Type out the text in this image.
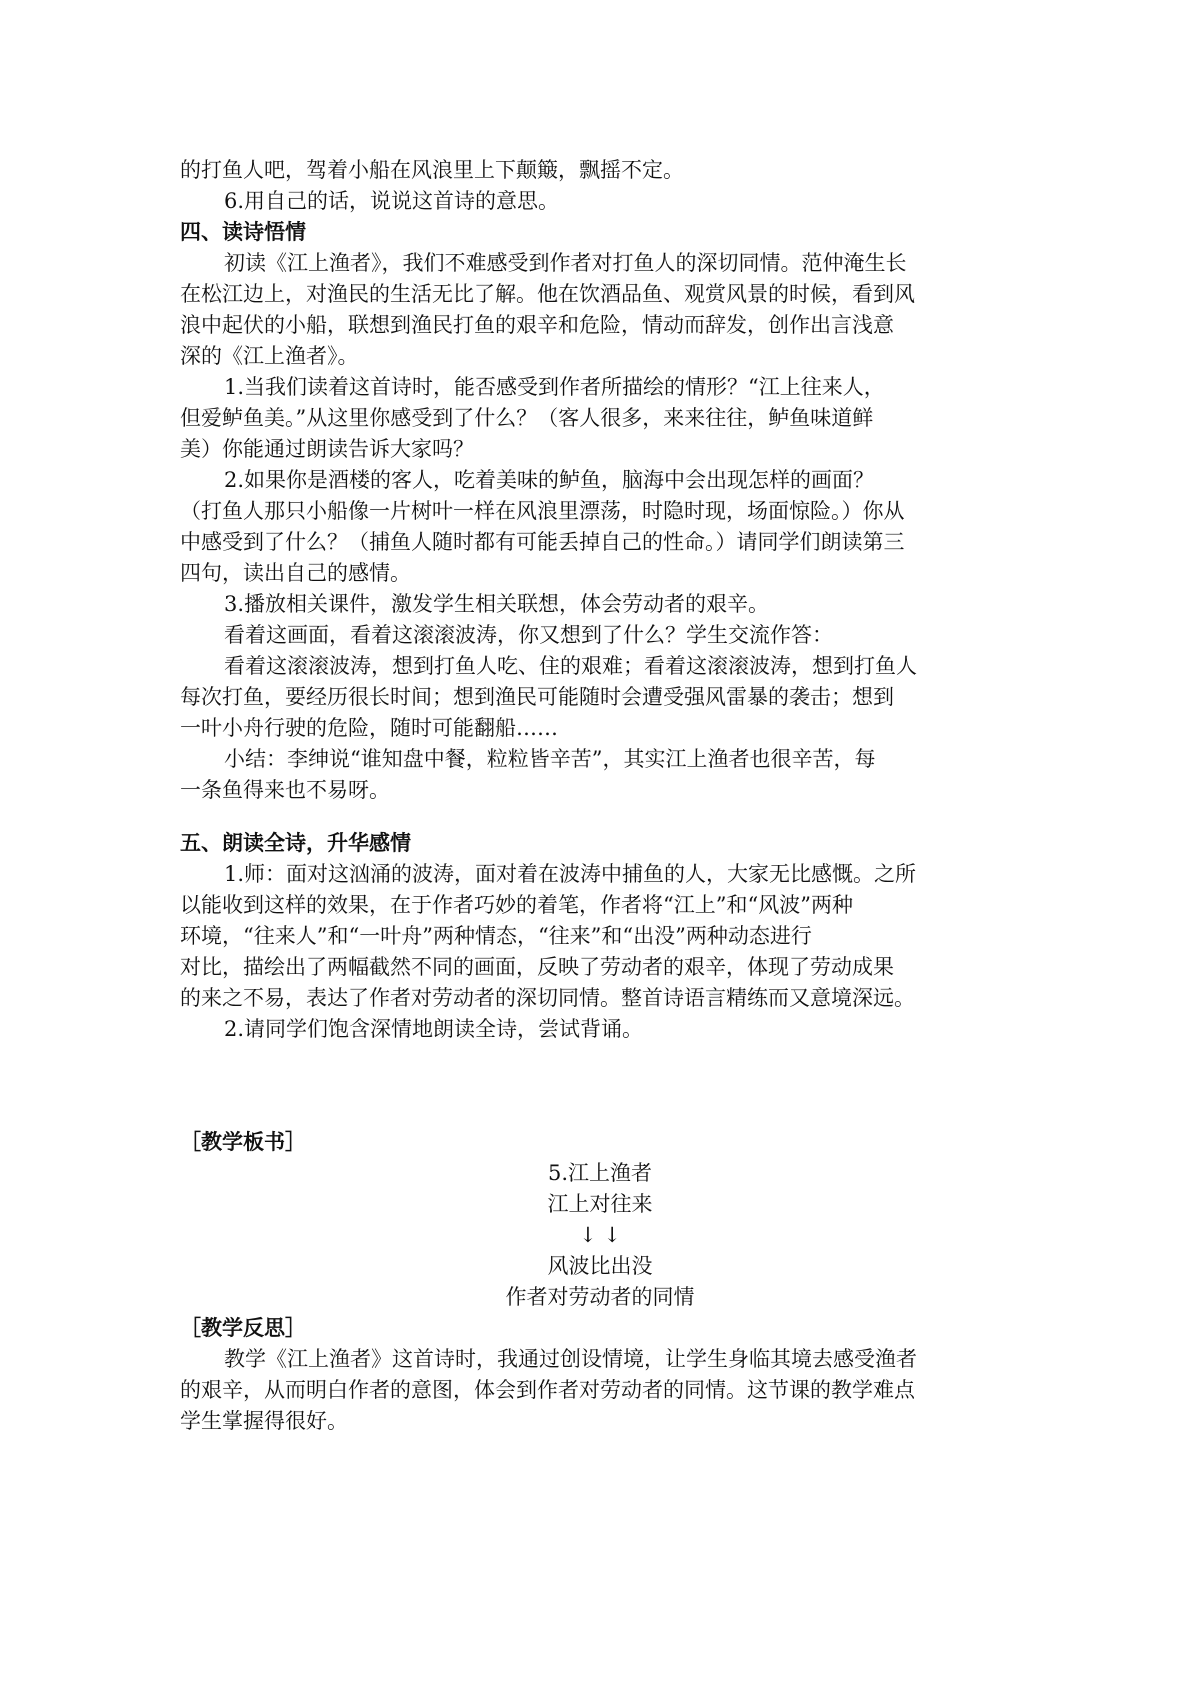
的打鱼人吧，驾着小船在风浪里上下颠簸，飘摇不定。
6.用自己的话，说说这首诗的意思。
四、读诗悟情
初读《江上渔者》，我们不难感受到作者对打鱼人的深切同情。范仲淹生长
在松江边上，对渔民的生活无比了解。他在饮酒品鱼、观赏风景的时候，看到风
浪中起伏的小船，联想到渔民打鱼的艰辛和危险，情动而辞发，创作出言浅意
深的《江上渔者》。
1.当我们读着这首诗时，能否感受到作者所描绘的情形？“江上往来人，
但爱鲈鱼美。”从这里你感受到了什么？（客人很多，来来往往，鲈鱼味道鲜
美）你能通过朗读告诉大家吗？
2.如果你是酒楼的客人，吃着美味的鲈鱼，脑海中会出现怎样的画面？
（打鱼人那只小船像一片树叶一样在风浪里漂荡，时隐时现，场面惊险。）你从
中感受到了什么？（捕鱼人随时都有可能丢掉自己的性命。）请同学们朗读第三
四句，读出自己的感情。
3.播放相关课件，激发学生相关联想，体会劳动者的艰辛。
看着这画面，看着这滚滚波涛，你又想到了什么？学生交流作答：
看着这滚滚波涛，想到打鱼人吃、住的艰难；看着这滚滚波涛，想到打鱼人
每次打鱼，要经历很长时间；想到渔民可能随时会遭受强风雷暴的袭击；想到
一叶小舟行驶的危险，随时可能翻船……
小结：李绅说“谁知盘中餐，粒粒皆辛苦”，其实江上渔者也很辛苦，每
一条鱼得来也不易呀。
五、朗读全诗，升华感情
1.师：面对这汹涌的波涛，面对着在波涛中捕鱼的人，大家无比感慨。之所
以能收到这样的效果，在于作者巧妙的着笔，作者将“江上”和“风波”两种
环境，“往来人”和“一叶舟”两种情态，“往来”和“出没”两种动态进行
对比，描绘出了两幅截然不同的画面，反映了劳动者的艰辛，体现了劳动成果
的来之不易，表达了作者对劳动者的深切同情。整首诗语言精练而又意境深远。
2.请同学们饱含深情地朗读全诗，尝试背诵。
［教学板书］
5.江上渔者
江上对往来
↓ ↓
风波比出没
作者对劳动者的同情
［教学反思］
教学《江上渔者》这首诗时，我通过创设情境，让学生身临其境去感受渔者
的艰辛，从而明白作者的意图，体会到作者对劳动者的同情。这节课的教学难点
学生掌握得很好。
